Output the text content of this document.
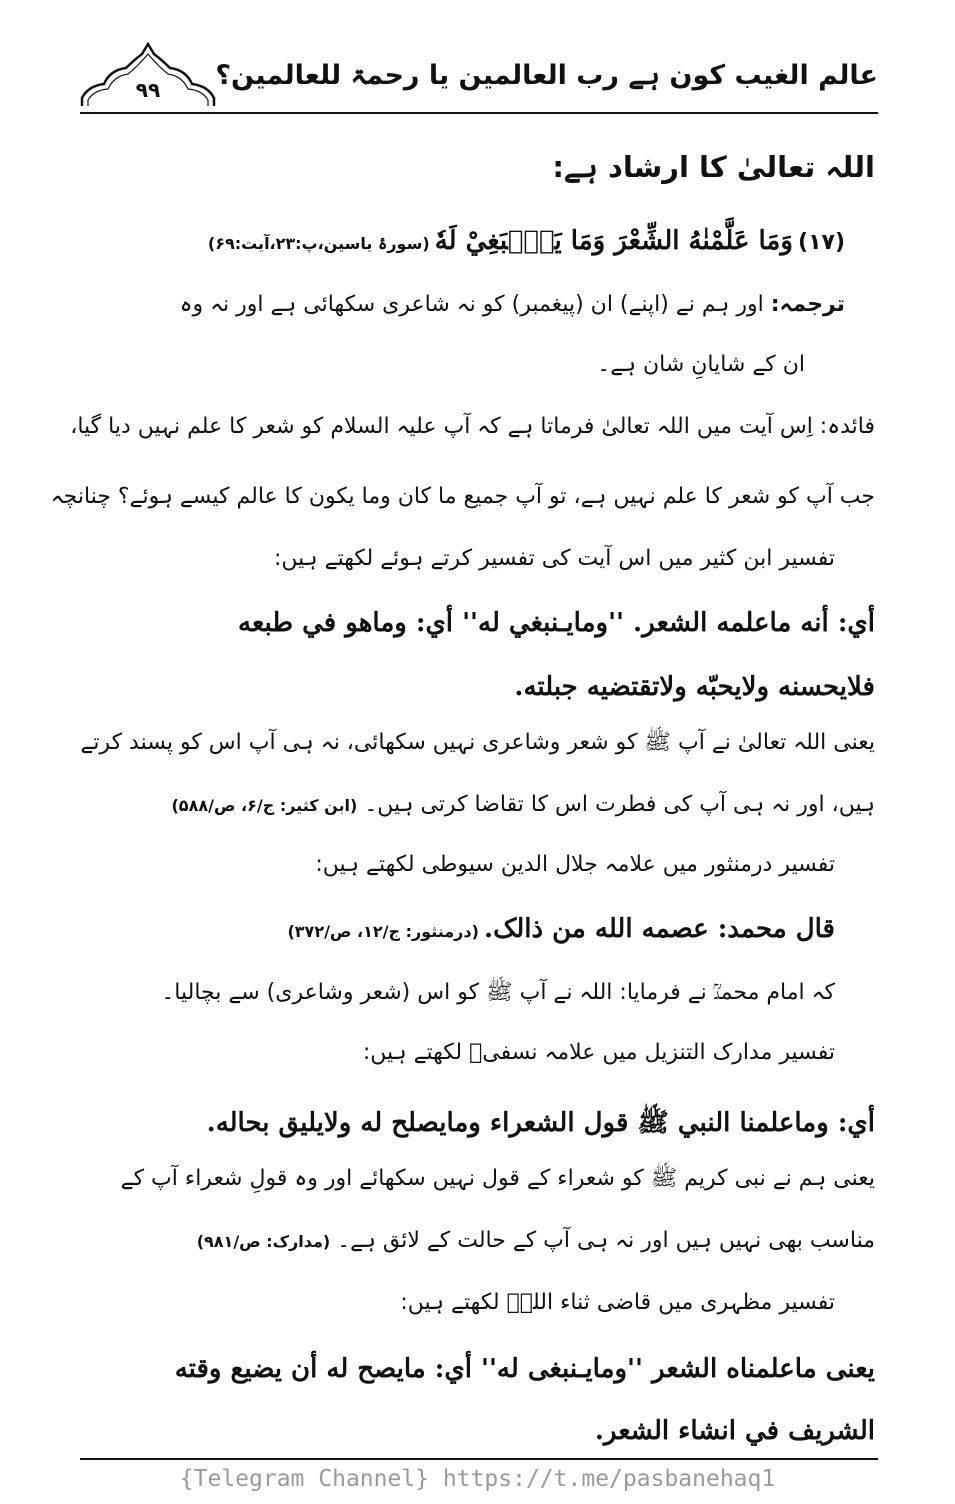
۹۹	عالم الغیب کون ہے رب العالمین یا رحمۃ للعالمین؟
اللہ تعالیٰ کا ارشاد ہے:
(۱۷) وَمَا عَلَّمْنٰهُ الشِّعْرَ وَمَا يَنْۢبَغِيْ لَهٗ (سورۂ یاسین،پ:۲۳،آیت:۶۹)
ترجمہ: اور ہم نے (اپنے) ان (پیغمبر) کو نہ شاعری سکھائی ہے اور نہ وہ
ان کے شایانِ شان ہے۔
فائدہ: اِس آیت میں اللہ تعالیٰ فرماتا ہے کہ آپ علیہ السلام کو شعر کا علم نہیں دیا گیا،
جب آپ کو شعر کا علم نہیں ہے، تو آپ جمیع ما کان وما یکون کا عالم کیسے ہوئے؟ چنانچہ
تفسیر ابن کثیر میں اس آیت کی تفسیر کرتے ہوئے لکھتے ہیں:
أي: أنه ماعلمه الشعر. ''ومايـنبغي له'' أي: وماهو في طبعه
فلايحسنه ولايحبّه ولاتقتضيه جبلته.
یعنی اللہ تعالیٰ نے آپ ﷺ کو شعر وشاعری نہیں سکھائی، نہ ہی آپ اس کو پسند کرتے
ہیں، اور نہ ہی آپ کی فطرت اس کا تقاضا کرتی ہیں۔ (ابن کثیر: ج/۶، ص/۵۸۸)
تفسیر درمنثور میں علامہ جلال الدین سیوطی لکھتے ہیں:
قال محمد: عصمه الله من ذالک. (درمنثور: ج/۱۲، ص/۳۷۲)
کہ امام محمدؒ نے فرمایا: اللہ نے آپ ﷺ کو اس (شعر وشاعری) سے بچالیا۔
تفسیر مدارک التنزیل میں علامہ نسفیؒ لکھتے ہیں:
أي: وماعلمنا النبي ﷺ قول الشعراء ومايصلح له ولايليق بحاله.
یعنی ہم نے نبی کریم ﷺ کو شعراء کے قول نہیں سکھائے اور وہ قولِ شعراء آپ کے
مناسب بھی نہیں ہیں اور نہ ہی آپ کے حالت کے لائق ہے۔ (مدارک: ص/۹۸۱)
تفسیر مظہری میں قاضی ثناء اللہؒ لکھتے ہیں:
يعنى ماعلمناه الشعر ''ومايـنبغى له'' أي: مايصح له أن يضيع وقته
الشريف في انشاء الشعر.
{Telegram Channel} https://t.me/pasbanehaq1
